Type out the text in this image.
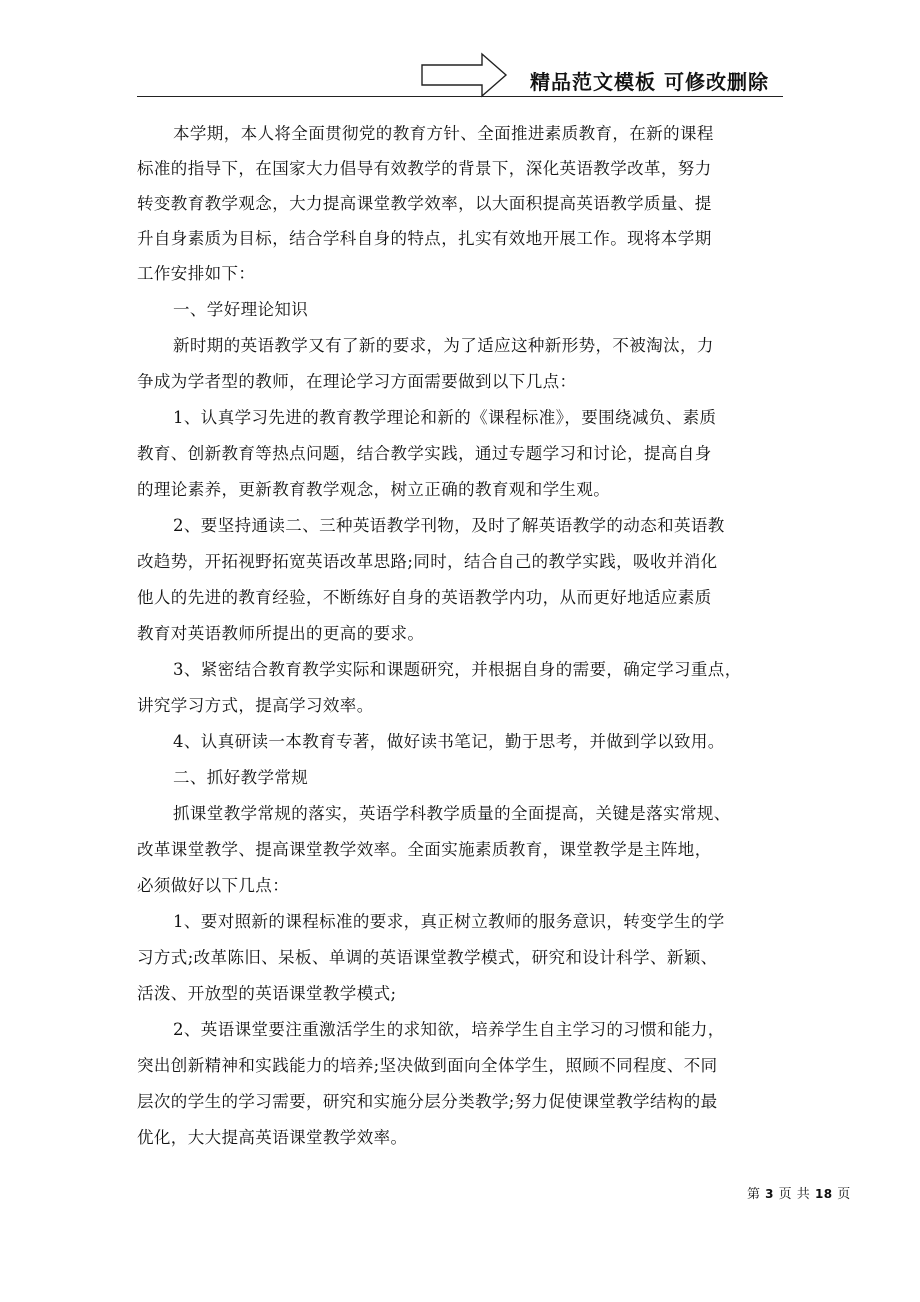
精品范文模板 可修改删除
本学期，本人将全面贯彻党的教育方针、全面推进素质教育，在新的课程
标准的指导下，在国家大力倡导有效教学的背景下，深化英语教学改革，努力
转变教育教学观念，大力提高课堂教学效率，以大面积提高英语教学质量、提
升自身素质为目标，结合学科自身的特点，扎实有效地开展工作。现将本学期
工作安排如下：
一、学好理论知识
新时期的英语教学又有了新的要求，为了适应这种新形势，不被淘汰，力
争成为学者型的教师，在理论学习方面需要做到以下几点：
1、认真学习先进的教育教学理论和新的《课程标准》，要围绕减负、素质
教育、创新教育等热点问题，结合教学实践，通过专题学习和讨论，提高自身
的理论素养，更新教育教学观念，树立正确的教育观和学生观。
2、要坚持通读二、三种英语教学刊物，及时了解英语教学的动态和英语教
改趋势，开拓视野拓宽英语改革思路;同时，结合自己的教学实践，吸收并消化
他人的先进的教育经验，不断练好自身的英语教学内功，从而更好地适应素质
教育对英语教师所提出的更高的要求。
3、紧密结合教育教学实际和课题研究，并根据自身的需要，确定学习重点，
讲究学习方式，提高学习效率。
4、认真研读一本教育专著，做好读书笔记，勤于思考，并做到学以致用。
二、抓好教学常规
抓课堂教学常规的落实，英语学科教学质量的全面提高，关键是落实常规、
改革课堂教学、提高课堂教学效率。全面实施素质教育，课堂教学是主阵地，
必须做好以下几点：
1、要对照新的课程标准的要求，真正树立教师的服务意识，转变学生的学
习方式;改革陈旧、呆板、单调的英语课堂教学模式，研究和设计科学、新颖、
活泼、开放型的英语课堂教学模式;
2、英语课堂要注重激活学生的求知欲，培养学生自主学习的习惯和能力，
突出创新精神和实践能力的培养;坚决做到面向全体学生，照顾不同程度、不同
层次的学生的学习需要，研究和实施分层分类教学;努力促使课堂教学结构的最
优化，大大提高英语课堂教学效率。
第 3 页 共 18 页
